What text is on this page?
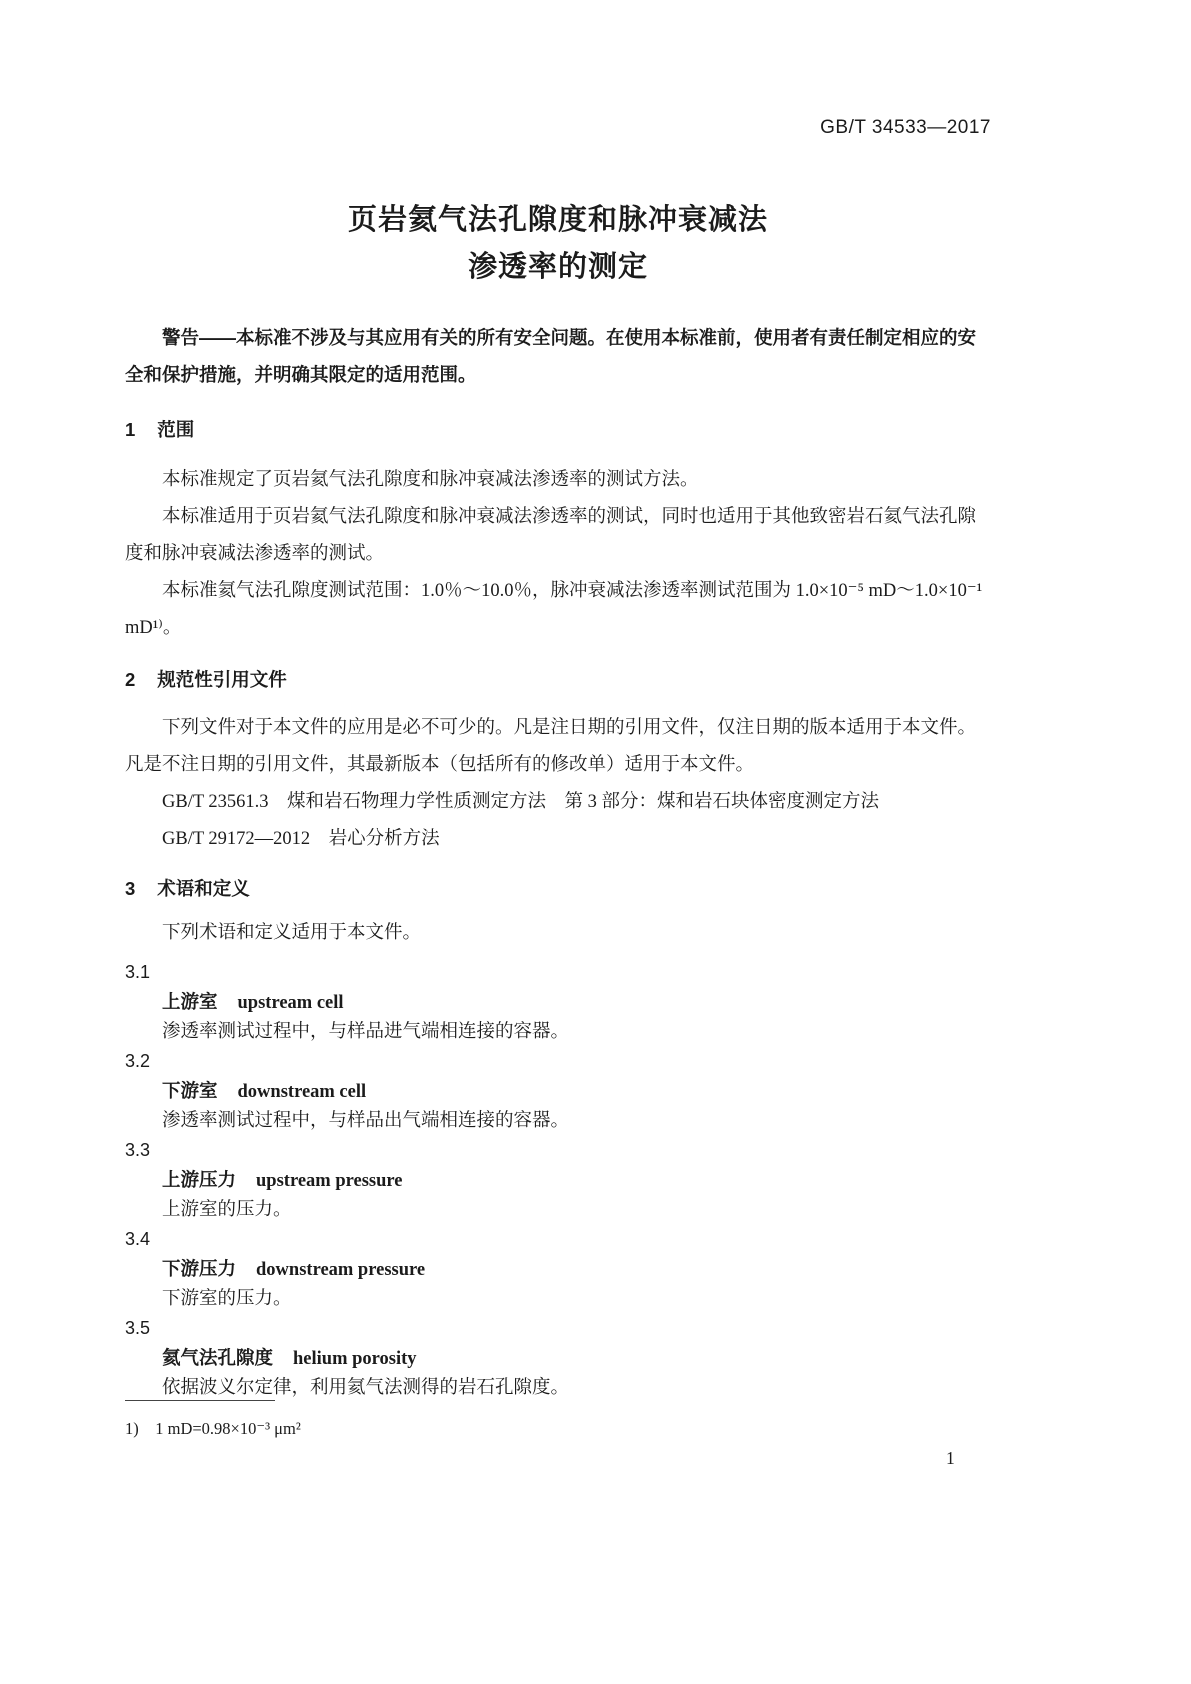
GB/T 34533—2017
页岩氦气法孔隙度和脉冲衰减法
渗透率的测定

警告——本标准不涉及与其应用有关的所有安全问题。在使用本标准前，使用者有责任制定相应的安全和保护措施，并明确其限定的适用范围。

1 范围

本标准规定了页岩氦气法孔隙度和脉冲衰减法渗透率的测试方法。

本标准适用于页岩氦气法孔隙度和脉冲衰减法渗透率的测试，同时也适用于其他致密岩石氦气法孔隙度和脉冲衰减法渗透率的测试。

本标准氦气法孔隙度测试范围：1.0％～10.0％，脉冲衰减法渗透率测试范围为 1.0×10⁻⁵ mD～1.0×10⁻¹ mD¹⁾。

2 规范性引用文件

下列文件对于本文件的应用是必不可少的。凡是注日期的引用文件，仅注日期的版本适用于本文件。凡是不注日期的引用文件，其最新版本（包括所有的修改单）适用于本文件。

GB/T 23561.3　煤和岩石物理力学性质测定方法　第 3 部分：煤和岩石块体密度测定方法

GB/T 29172—2012　岩心分析方法

3 术语和定义

下列术语和定义适用于本文件。

3.1
上游室 upstream cell
渗透率测试过程中，与样品进气端相连接的容器。
3.2
下游室 downstream cell
渗透率测试过程中，与样品出气端相连接的容器。
3.3
上游压力 upstream pressure
上游室的压力。
3.4
下游压力 downstream pressure
下游室的压力。
3.5
氦气法孔隙度 helium porosity
依据波义尔定律，利用氦气法测得的岩石孔隙度。
1)　1 mD=0.98×10⁻³ μm²
1
